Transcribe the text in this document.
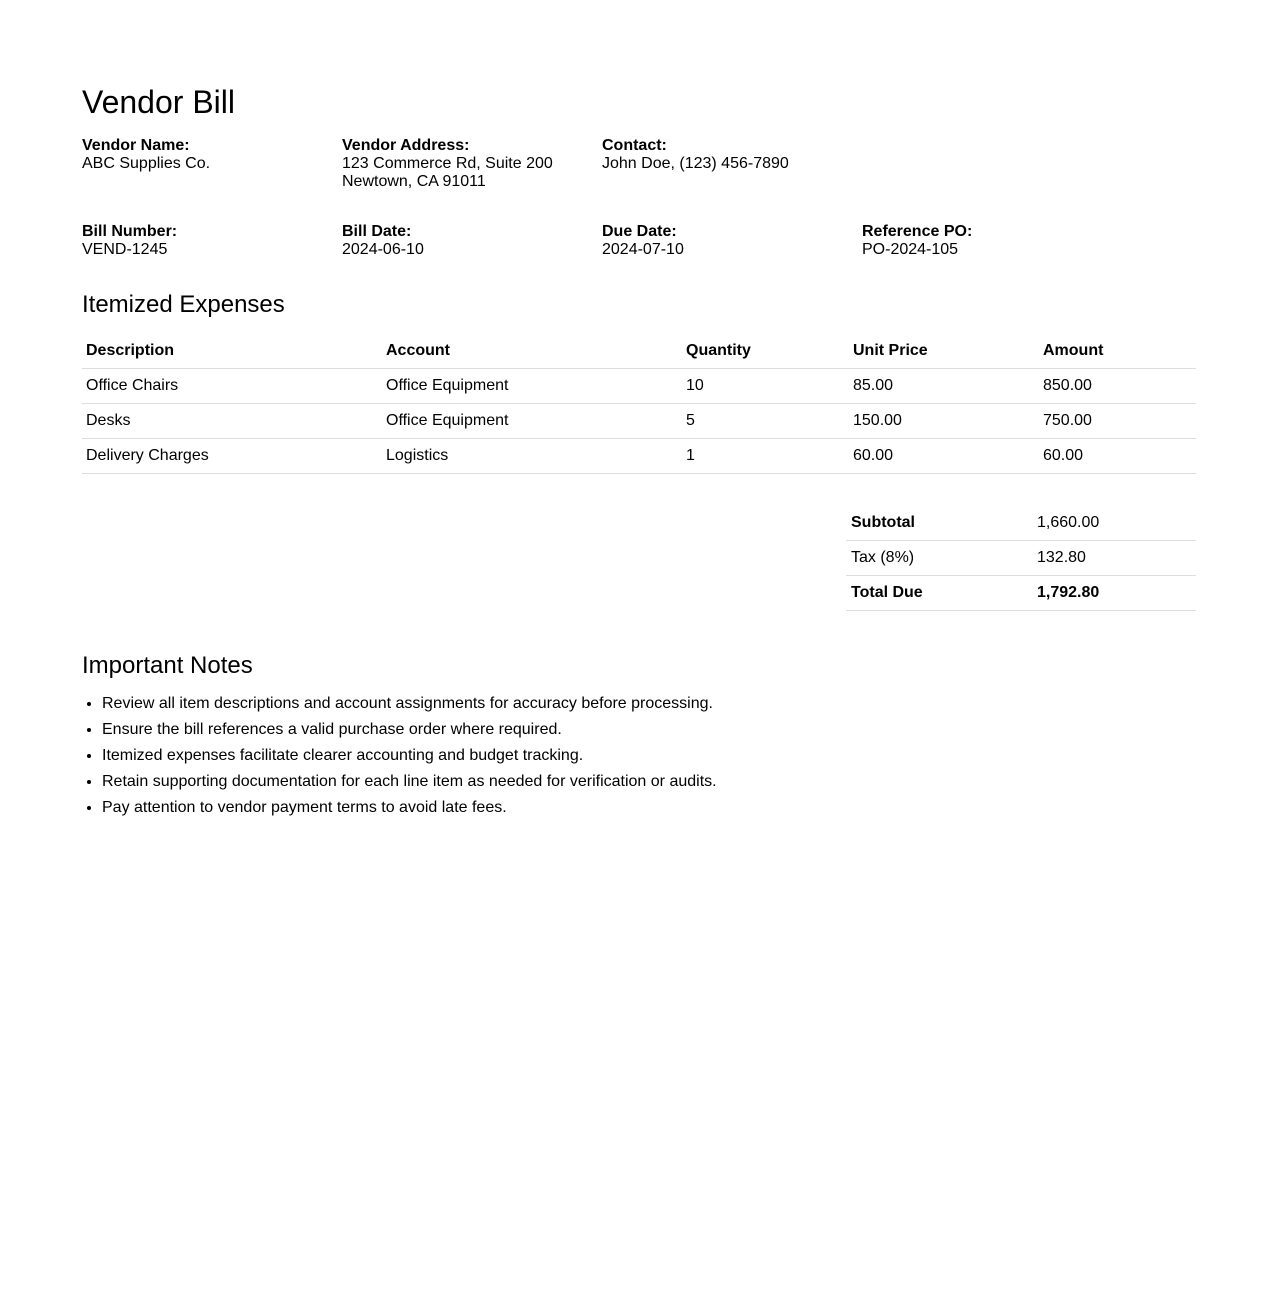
Vendor Bill
Vendor Name:
ABC Supplies Co.
Vendor Address:
123 Commerce Rd, Suite 200
Newtown, CA 91011
Contact:
John Doe, (123) 456-7890
Bill Number:
VEND-1245
Bill Date:
2024-06-10
Due Date:
2024-07-10
Reference PO:
PO-2024-105
Itemized Expenses
Description	Account	Quantity	Unit Price	Amount
Office Chairs	Office Equipment	10	85.00	850.00
Desks	Office Equipment	5	150.00	750.00
Delivery Charges	Logistics	1	60.00	60.00
Subtotal	1,660.00
Tax (8%)	132.80
Total Due	1,792.80
Important Notes
• Review all item descriptions and account assignments for accuracy before processing.
• Ensure the bill references a valid purchase order where required.
• Itemized expenses facilitate clearer accounting and budget tracking.
• Retain supporting documentation for each line item as needed for verification or audits.
• Pay attention to vendor payment terms to avoid late fees.
